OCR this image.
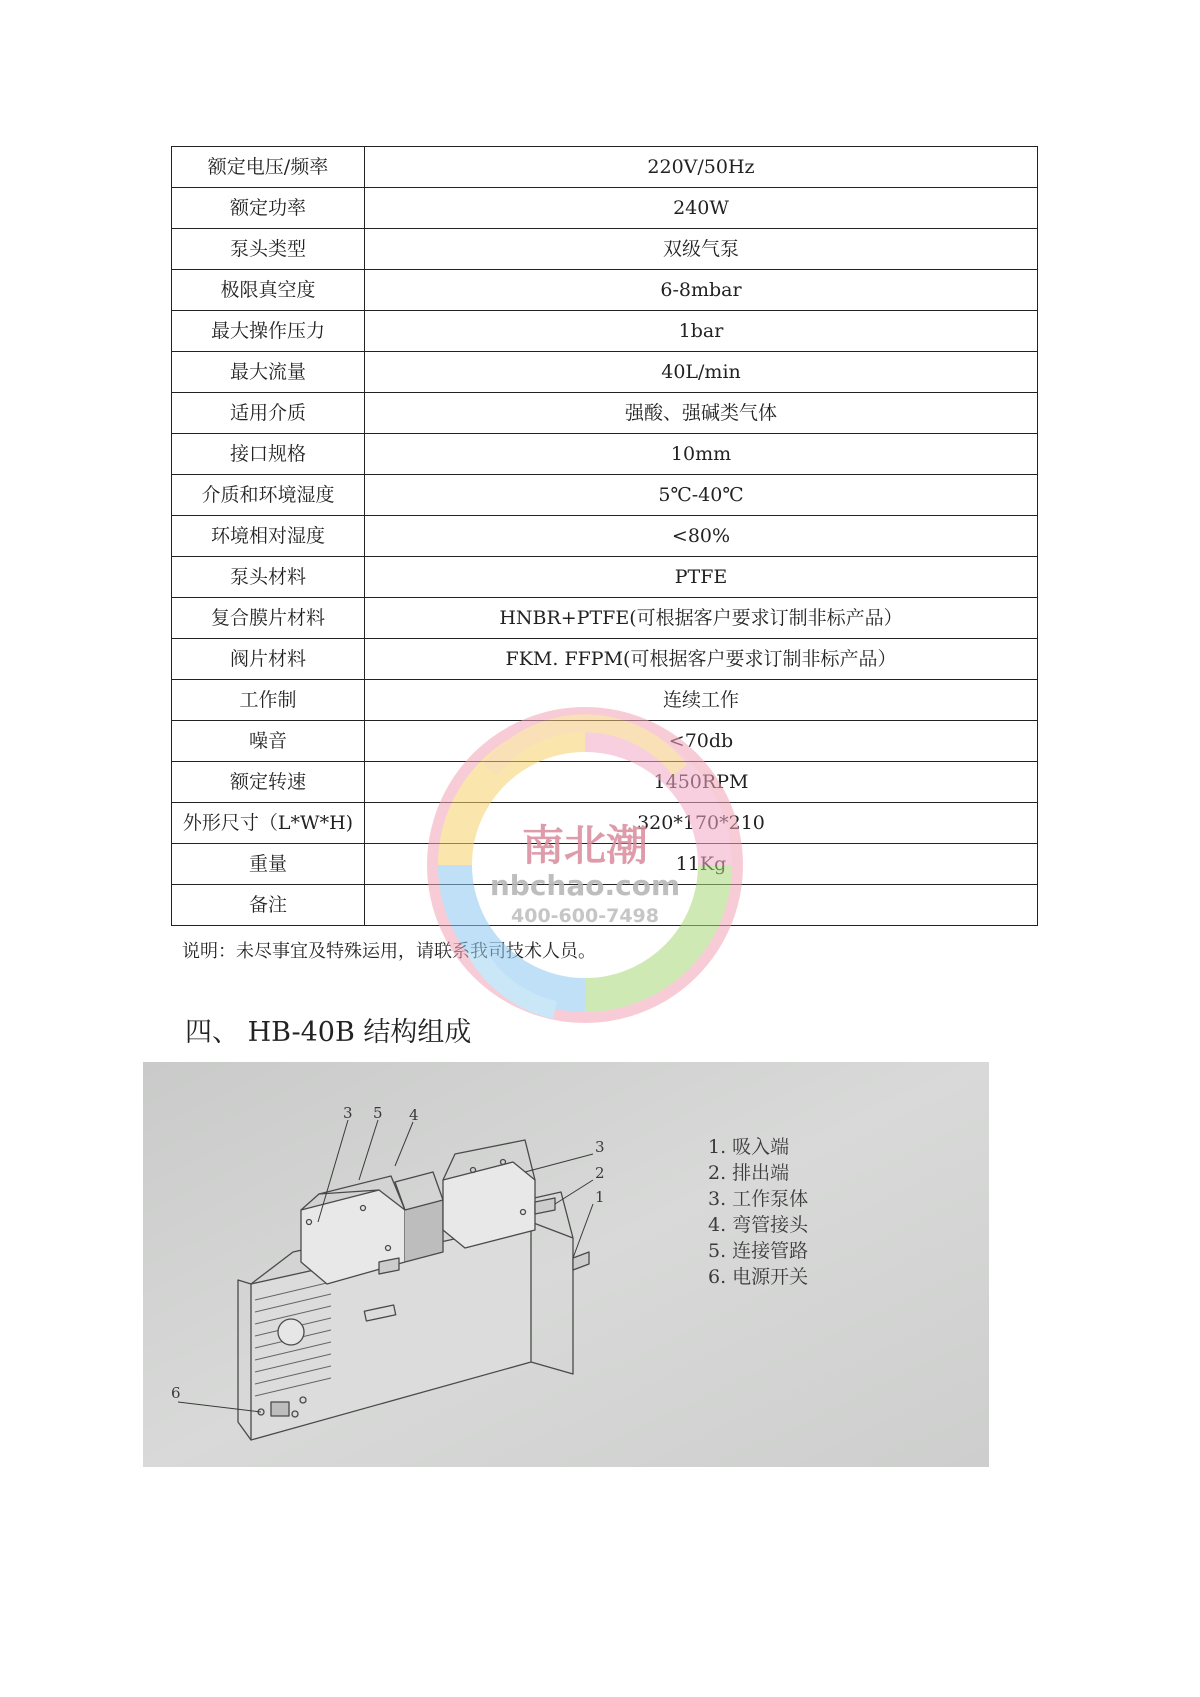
额定电压/频率	220V/50Hz
额定功率	240W
泵头类型	双级气泵
极限真空度	6-8mbar
最大操作压力	1bar
最大流量	40L/min
适用介质	强酸、强碱类气体
接口规格	10mm
介质和环境湿度	5℃-40℃
环境相对湿度	<80%
泵头材料	PTFE
复合膜片材料	HNBR+PTFE(可根据客户要求订制非标产品）
阀片材料	FKM. FFPM(可根据客户要求订制非标产品）
工作制	连续工作
噪音	<70db
额定转速	1450RPM
外形尺寸（L*W*H)	320*170*210
重量	11Kg
备注	
说明：未尽事宜及特殊运用，请联系我司技术人员。
四、 HB-40B 结构组成
3 5 4
3
2
1
6
1. 吸入端
2. 排出端
3. 工作泵体
4. 弯管接头
5. 连接管路
6. 电源开关
南北潮
nbchao.com
400-600-7498
